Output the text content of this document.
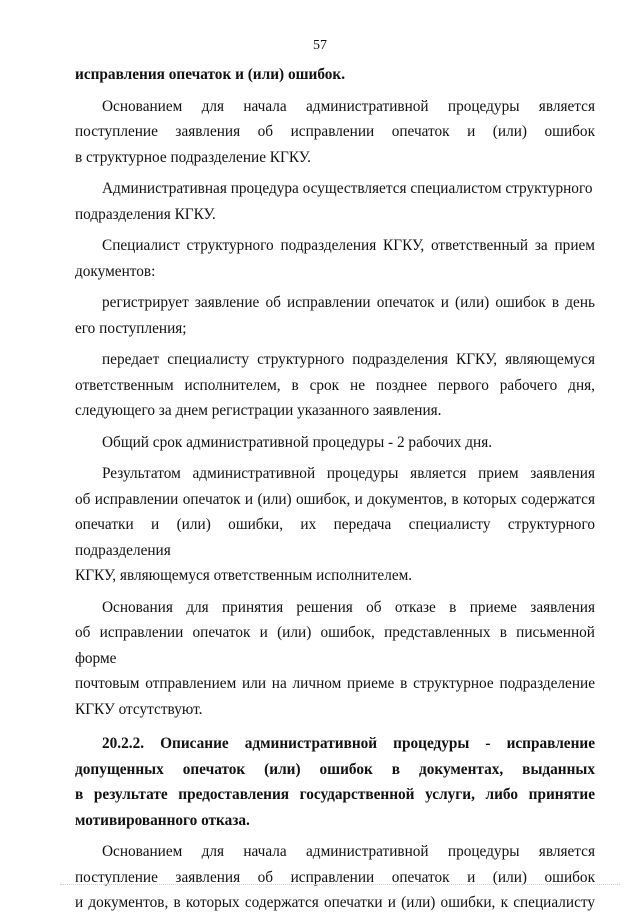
57
исправления опечаток и (или) ошибок.
Основанием для начала административной процедуры является
поступление заявления об исправлении опечаток и (или) ошибок
в структурное подразделение КГКУ.
Административная процедура осуществляется специалистом структурного
подразделения КГКУ.
Специалист структурного подразделения КГКУ, ответственный за прием
документов:
регистрирует заявление об исправлении опечаток и (или) ошибок в день
его поступления;
передает специалисту структурного подразделения КГКУ, являющемуся
ответственным исполнителем, в срок не позднее первого рабочего дня,
следующего за днем регистрации указанного заявления.
Общий срок административной процедуры - 2 рабочих дня.
Результатом административной процедуры является прием заявления
об исправлении опечаток и (или) ошибок, и документов, в которых содержатся
опечатки и (или) ошибки, их передача специалисту структурного подразделения
КГКУ, являющемуся ответственным исполнителем.
Основания для принятия решения об отказе в приеме заявления
об исправлении опечаток и (или) ошибок, представленных в письменной форме
почтовым отправлением или на личном приеме в структурное подразделение
КГКУ отсутствуют.
20.2.2. Описание административной процедуры - исправление
допущенных опечаток (или) ошибок в документах, выданных
в результате предоставления государственной услуги, либо принятие
мотивированного отказа.
Основанием для начала административной процедуры является
поступление заявления об исправлении опечаток и (или) ошибок
и документов, в которых содержатся опечатки и (или) ошибки, к специалисту
